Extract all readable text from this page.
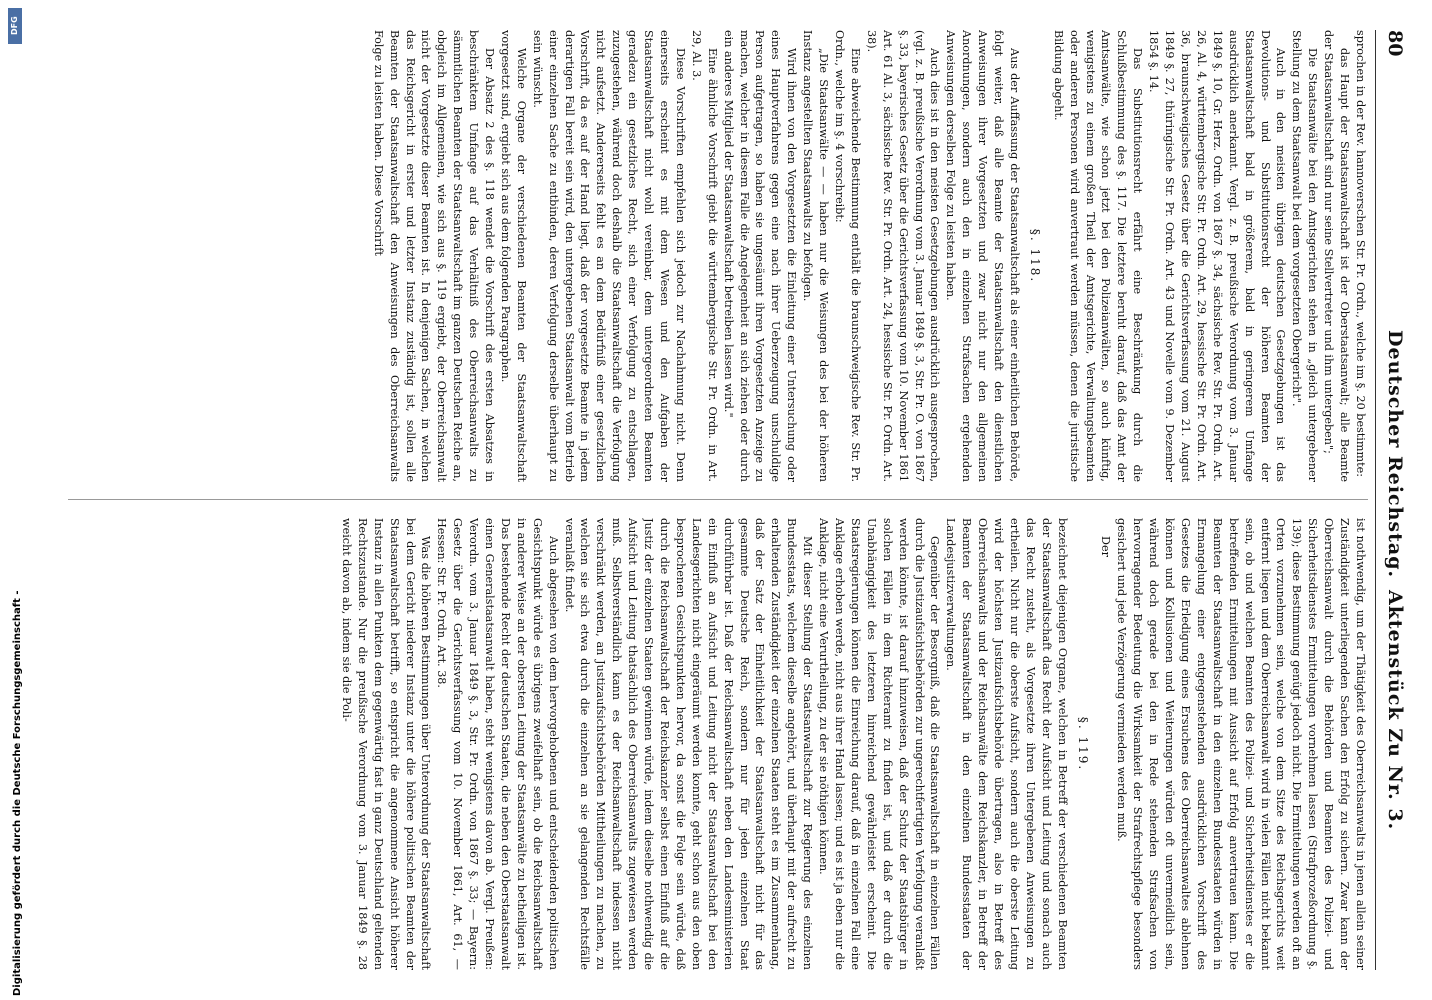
Digitalisierung gefördert durch die Deutsche Forschungsgemeinschaft -
DFG
80
Deutscher Reichstag.
Aktenstück Zu Nr. 3.

sprochen in der Rev. hannoverschen Str. Pr. Ordn., welche im §. 20 bestimmte:

das Haupt der Staatsanwaltschaft ist der Oberstaatsanwalt; alle Beamte der Staatsanwaltschaft sind nur seine Stellvertreter und ihm untergeben";

Die Staatsanwälte bei den Amtsgerichten stehen in „gleich untergebener Stellung zu dem Staatsanwalt bei dem vorgesetzten Obergericht".

Auch in den meisten übrigen deutschen Gesetzgebungen ist das Devolutions- und Substitutionsrecht der höheren Beamten der Staatsanwaltschaft bald in größerem, bald in geringerem Umfange ausdrücklich anerkannt. Vergl. z. B. preußische Verordnung vom 3. Januar 1849 §. 10, Gr. Herz. Ordn. von 1867 §. 34, sächsische Rev. Str. Pr. Ordn. Art. 26, Al. 4, württembergische Str. Pr. Ordn. Art. 29, hessische Str. Pr. Ordn. Art. 36, braunschweigisches Gesetz über die Gerichtsverfassung vom 21. August 1849 §. 27, thüringische Str. Pr. Ordn. Art. 43 und Novelle vom 9. Dezember 1854 §. 14.

Das Substitutionsrecht erfährt eine Beschränkung durch die Schlußbestimmung des §. 117. Die letztere beruht darauf, daß das Amt der Amtsanwälte, wie schon jetzt bei den Polizeianwälten, so auch künftig, wenigstens zu einem großen Theil der Amtsgerichte, Verwaltungsbeamten oder anderen Personen wird anvertraut werden müssen, denen die juristische Bildung abgeht.

§. 118.

Aus der Auffassung der Staatsanwaltschaft als einer einheitlichen Behörde, folgt weiter, daß alle Beamte der Staatsanwaltschaft den dienstlichen Anweisungen ihrer Vorgesetzten und zwar nicht nur den allgemeinen Anordnungen, sondern auch den in einzelnen Strafsachen ergehenden Anweisungen derselben Folge zu leisten haben.

Auch dies ist in den meisten Gesetzgebungen ausdrücklich ausgesprochen, (vgl. z. B. preußische Verordnung vom 3. Januar 1849 §. 3, Str. Pr. O. von 1867 §. 33, bayerisches Gesetz über die Gerichtsverfassung vom 10. November 1861 Art. 61 Al. 3, sächsische Rev. Str. Pr. Ordn. Art. 24, hessische Str. Pr. Ordn. Art. 38).

Eine abweichende Bestimmung enthält die braunschweigische Rev. Str. Pr. Ordn., welche im §. 4 vorschreibt:

„Die Staatsanwälte — — haben nur die Weisungen des bei der höheren Instanz angestellten Staatsanwalts zu befolgen.

Wird ihnen von den Vorgesetzten die Einleitung einer Untersuchung oder eines Hauptverfahrens gegen eine nach ihrer Ueberzeugung unschuldige Person aufgetragen, so haben sie ungesäumt ihren Vorgesetzten Anzeige zu machen, welcher in diesem Falle die Angelegenheit an sich ziehen oder durch ein anderes Mitglied der Staatsanwaltschaft betreiben lassen wird."

Eine ähnliche Vorschrift giebt die württembergische Str. Pr. Ordn. in Art. 29, Al. 3.

Diese Vorschriften empfehlen sich jedoch zur Nachahmung nicht. Denn einerseits erscheint es mit dem Wesen und den Aufgaben der Staatsanwaltschaft nicht wohl vereinbar, dem untergeordneten Beamten geradezu ein gesetzliches Recht, sich einer Verfolgung zu entschlagen, zuzugestehen, während doch deshalb die Staatsanwaltschaft die Verfolgung nicht aufsetzt. Andererseits fehlt es an dem Bedürfniß einer gesetzlichen Vorschrift, da es auf der Hand liegt, daß der vorgesetzte Beamte in jedem derartigen Fall bereit sein wird, den untergebenen Staatsanwalt vom Betrieb einer einzelnen Sache zu entbinden, deren Verfolgung derselbe überhaupt zu sein wünscht.

Welche Organe der verschiedenen Beamten der Staatsanwaltschaft vorgesetzt sind, ergiebt sich aus dem folgenden Paragraphen.

Der Absatz 2 des §. 118 wendet die Vorschrift des ersten Absatzes in beschränktem Umfange auf das Verhältniß des Oberreichsanwalts zu sämmtlichen Beamten der Staatsanwaltschaft im ganzen Deutschen Reiche an, obgleich im Allgemeinen, wie sich aus §. 119 ergiebt, der Oberreichsanwalt nicht der Vorgesetzte dieser Beamten ist. In denjenigen Sachen, in welchen das Reichsgericht in erster und letzter Instanz zuständig ist, sollen alle Beamten der Staatsanwaltschaft den Anweisungen des Oberreichsanwalts Folge zu leisten haben. Diese Vorschrift

ist nothwendig, um der Thätigkeit des Oberreichsanwalts in jenen allein seiner Zuständigkeit unterliegenden Sachen den Erfolg zu sichern. Zwar kann der Oberreichsanwalt durch die Behörden und Beamten des Polizei- und Sicherheitsdienstes Ermittelungen vornehmen lassen (Strafprozeßordnung §. 139); diese Bestimmung genügt jedoch nicht. Die Ermittelungen werden oft an Orten vorzunehmen sein, welche von dem Sitze des Reichsgerichts weit entfernt liegen und dem Oberreichsanwalt wird in vielen Fällen nicht bekannt sein, ob und welchen Beamten des Polizei- und Sicherheitsdienstes er die betreffenden Ermittelungen mit Aussicht auf Erfolg anvertrauen kann. Die Beamten der Staatsanwaltschaft in den einzelnen Bundesstaaten würden in Ermangelung einer entgegenstehenden ausdrücklichen Vorschrift des Gesetzes die Erledigung eines Ersuchens des Oberreichsanwaltes ablehnen können und Kollusionen und Weiterungen würden oft unvermeidlich sein, während doch gerade bei den in Rede stehenden Strafsachen von hervorragender Bedeutung die Wirksamkeit der Strafrechtspflege besonders gesichert und jede Verzögerung vermieden werden muß.

Der

§. 119.

bezeichnet diejenigen Organe, welchen in Betreff der verschiedenen Beamten der Staatsanwaltschaft das Recht der Aufsicht und Leitung und sonach auch das Recht zusteht, als Vorgesetzte ihren Untergebenen Anweisungen zu ertheilen. Nicht nur die oberste Aufsicht, sondern auch die oberste Leitung wird der höchsten Justizaufsichtsbehörde übertragen, also in Betreff des Oberreichsanwalts und der Reichsanwälte dem Reichskanzler, in Betreff der Beamten der Staatsanwaltschaft in den einzelnen Bundesstaaten der Landesjustizverwaltungen.

Gegenüber der Besorgniß, daß die Staatsanwaltschaft in einzelnen Fällen durch die Justizaufsichtsbehörden zur ungerechtfertigten Verfolgung veranlaßt werden könnte, ist darauf hinzuweisen, daß der Schutz der Staatsbürger in solchen Fällen in dem Richteramt zu finden ist, und daß er durch die Unabhängigkeit des letzteren hinreichend gewährleistet erscheint. Die Staatsregierungen können die Einreichung darauf, daß in einzelnen Fall eine Anklage erhoben werde, nicht aus ihrer Hand lassen; und es ist ja eben nur die Anklage, nicht eine Verurtheilung, zu der sie nöthigen können.

Mit dieser Stellung der Staatsanwaltschaft zur Regierung des einzelnen Bundesstaats, welchem dieselbe angehört, und überhaupt mit der aufrecht zu erhaltenden Zuständigkeit der einzelnen Staaten steht es im Zusammenhang, daß der Satz der Einheitlichkeit der Staatsanwaltschaft nicht für das gesammte Deutsche Reich, sondern nur für jeden einzelnen Staat durchführbar ist. Daß der Reichsanwaltschaft neben den Landesministerien ein Einfluß an Aufsicht und Leitung nicht der Staatsanwaltschaft bei den Landesgerichten nicht eingeräumt werden konnte, geht schon aus den oben besprochenen Gesichtspunkten hervor, da sonst die Folge sein würde, daß durch die Reichsanwaltschaft der Reichskanzler selbst einen Einfluß auf die Justiz der einzelnen Staaten gewinnen würde, indem dieselbe nothwendig die Aufsicht und Leitung thatsächlich des Oberreichsanwalts zugewiesen werden muß. Selbstverständlich kann es der Reichsanwaltschaft indessen nicht verschränkt werden, an Justizaufsichtsbehörden Mittheilungen zu machen, zu welchen sie sich etwa durch die einzelnen an sie gelangenden Rechtsfälle veranlaßt findet.

Auch abgesehen von dem hervorgehobenen und entscheidenden politischen Gesichtspunkt würde es übrigens zweifelhaft sein, ob die Reichsanwaltschaft in anderer Weise an der obersten Leitung der Staatsanwälte zu betheiligen ist. Das bestehende Recht der deutschen Staaten, die neben den Oberstaatsanwalt einen Generalstaatsanwalt haben, steht wenigstens davon ab. Vergl. Preußen: Verordn. vom 3. Januar 1849 §. 3, Str. Pr. Ordn. von 1867 §. 33; — Bayern: Gesetz über die Gerichtsverfassung vom 10. November 1861, Art. 61, — Hessen: Str. Pr. Ordn. Art. 38.

Was die höheren Bestimmungen über Unterordnung der Staatsanwaltschaft bei dem Gericht niederer Instanz unter die höhere politischen Beamten der Staatsanwaltschaft betrifft, so entspricht die angenommene Ansicht höherer Instanz in allen Punkten dem gegenwärtig fast in ganz Deutschland geltenden Rechtszustande. Nur die preußische Verordnung vom 3. Januar 1849 §. 28 weicht davon ab, indem sie die Poli-
